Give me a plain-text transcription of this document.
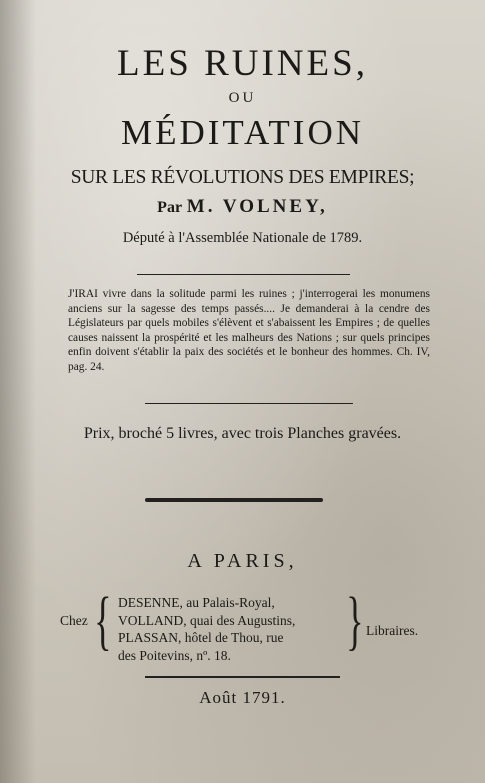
LES RUINES,
OU
MÉDITATION
SUR LES RÉVOLUTIONS DES EMPIRES;
Par M. VOLNEY,
Député à l'Assemblée Nationale de 1789.
J'IRAI vivre dans la solitude parmi les ruines ; j'interrogerai les monumens anciens sur la sagesse des temps passés.... Je demanderai à la cendre des Législateurs par quels mobiles s'élèvent et s'abaissent les Empires ; de quelles causes naissent la prospérité et les malheurs des Nations ; sur quels principes enfin doivent s'établir la paix des sociétés et le bonheur des hommes. Ch. IV, pag. 24.
Prix, broché 5 livres, avec trois Planches gravées.
A PARIS,
Chez { DESENNE, au Palais-Royal,
VOLLAND, quai des Augustins,
PLASSAN, hôtel de Thou, rue
des Poitevins, nº. 18.	} Libraires.
Août 1791.
